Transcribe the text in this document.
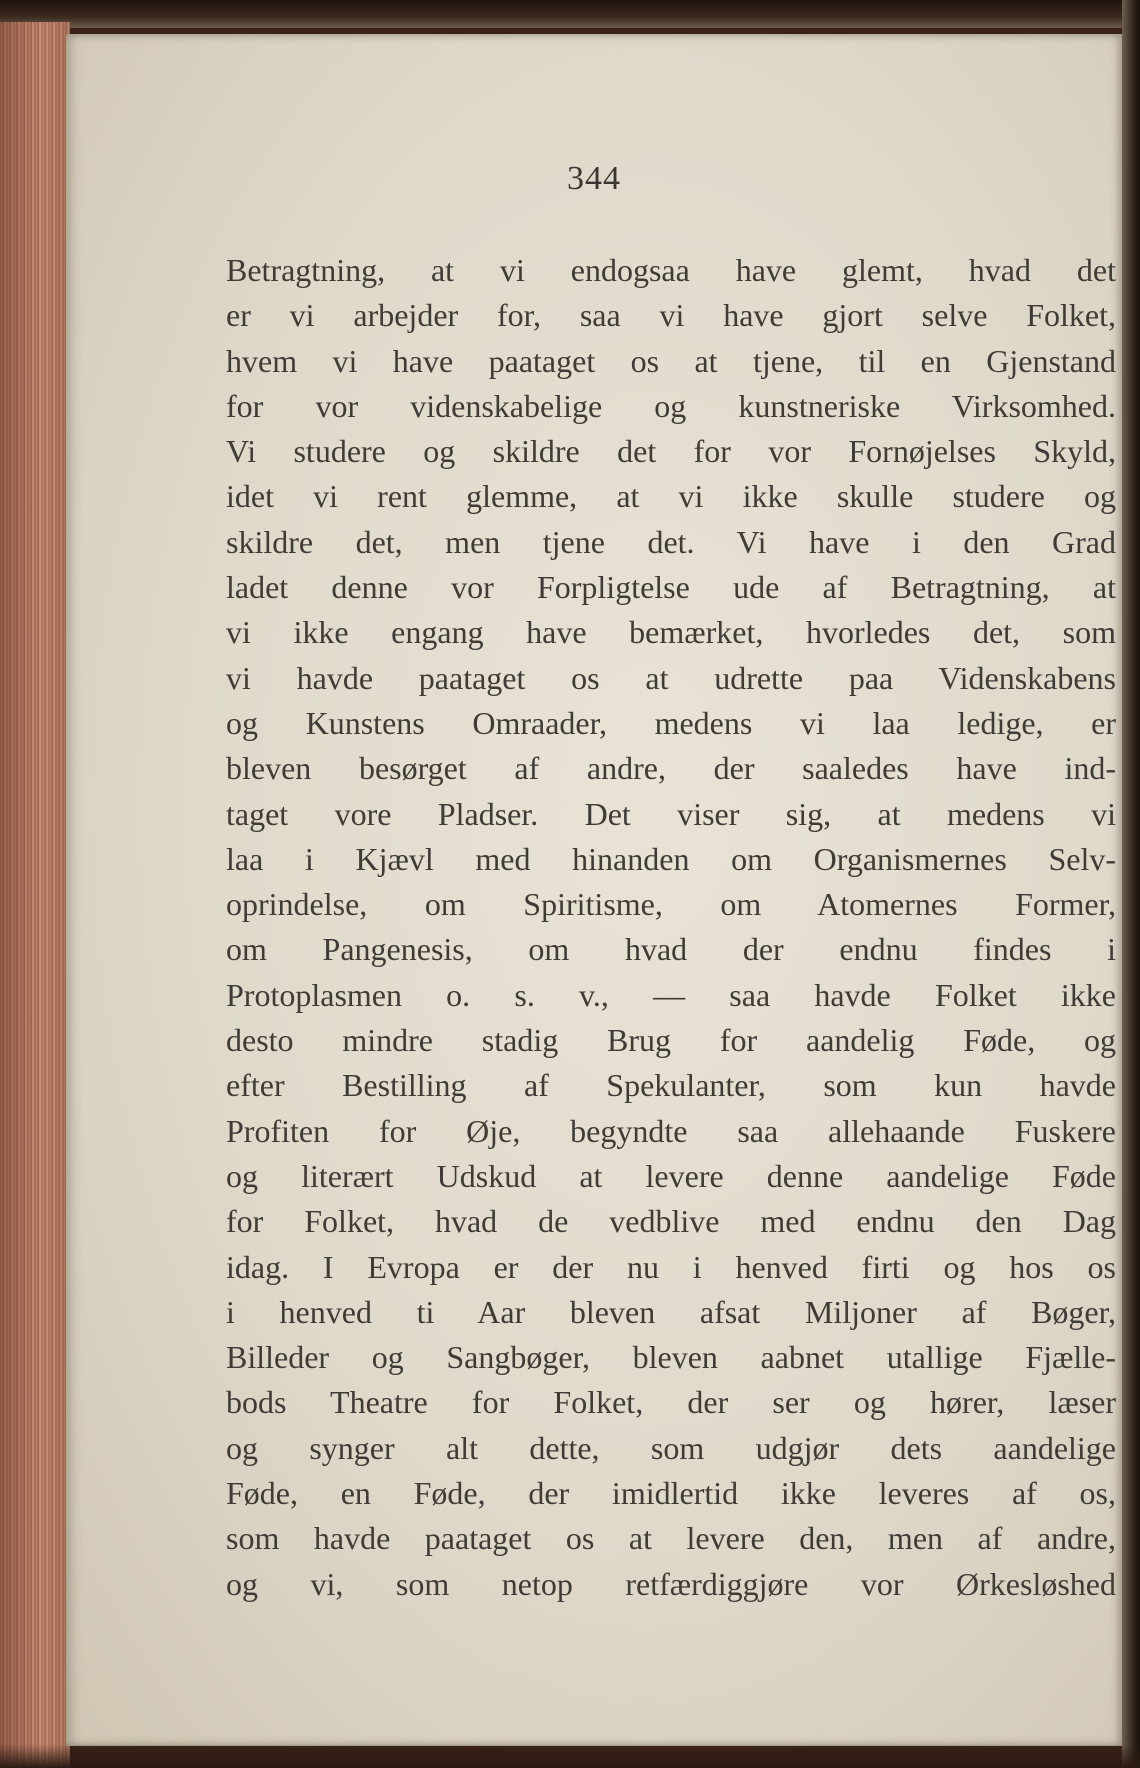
344
Betragtning, at vi endogsaa have glemt, hvad det
er vi arbejder for, saa vi have gjort selve Folket,
hvem vi have paataget os at tjene, til en Gjenstand
for vor videnskabelige og kunstneriske Virksomhed.
Vi studere og skildre det for vor Fornøjelses Skyld,
idet vi rent glemme, at vi ikke skulle studere og
skildre det, men tjene det. Vi have i den Grad
ladet denne vor Forpligtelse ude af Betragtning, at
vi ikke engang have bemærket, hvorledes det, som
vi havde paataget os at udrette paa Videnskabens
og Kunstens Omraader, medens vi laa ledige, er
bleven besørget af andre, der saaledes have ind-
taget vore Pladser. Det viser sig, at medens vi
laa i Kjævl med hinanden om Organismernes Selv-
oprindelse, om Spiritisme, om Atomernes Former,
om Pangenesis, om hvad der endnu findes i
Protoplasmen o. s. v., — saa havde Folket ikke
desto mindre stadig Brug for aandelig Føde, og
efter Bestilling af Spekulanter, som kun havde
Profiten for Øje, begyndte saa allehaande Fuskere
og literært Udskud at levere denne aandelige Føde
for Folket, hvad de vedblive med endnu den Dag
idag. I Evropa er der nu i henved firti og hos os
i henved ti Aar bleven afsat Miljoner af Bøger,
Billeder og Sangbøger, bleven aabnet utallige Fjælle-
bods Theatre for Folket, der ser og hører, læser
og synger alt dette, som udgjør dets aandelige
Føde, en Føde, der imidlertid ikke leveres af os,
som havde paataget os at levere den, men af andre,
og vi, som netop retfærdiggjøre vor Ørkesløshed
